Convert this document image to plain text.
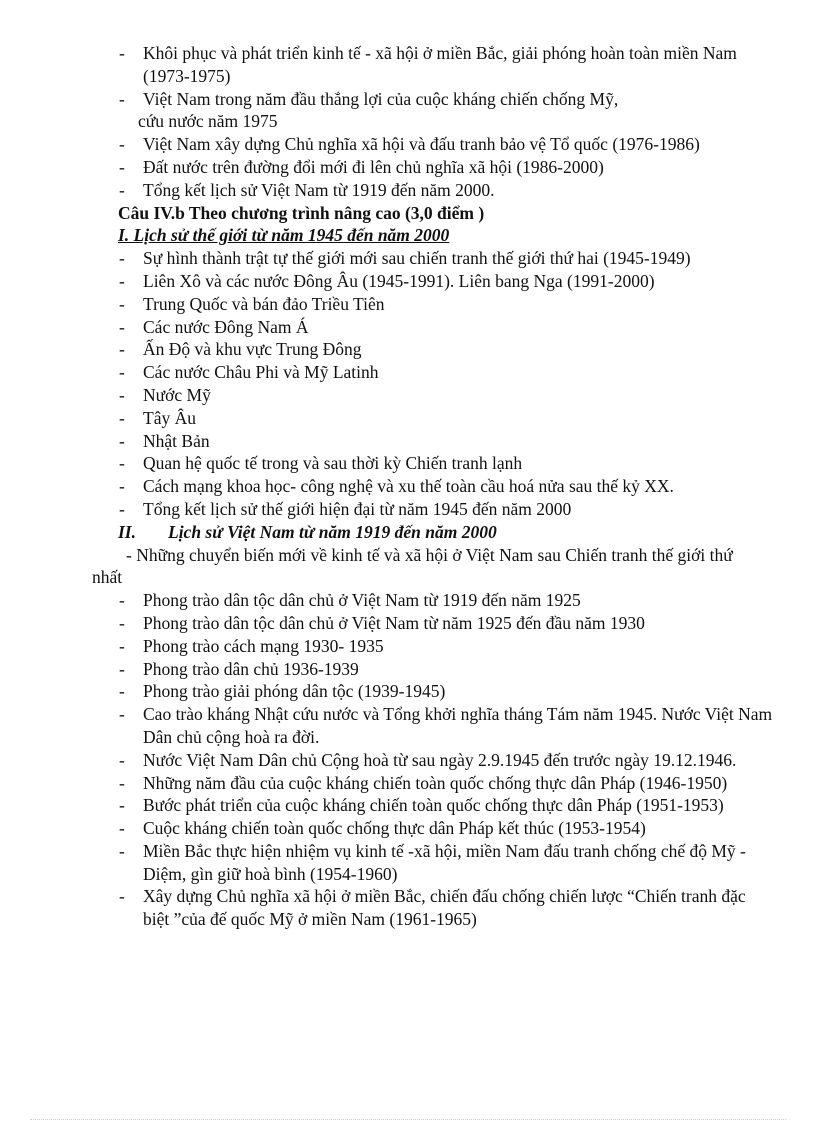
- Khôi phục và phát triển kinh tế - xã hội ở miền Bắc, giải phóng hoàn toàn miền Nam (1973-1975)
- Việt Nam trong năm đầu thắng lợi của cuộc kháng chiến chống Mỹ,
cứu nước năm 1975
- Việt Nam xây dựng Chủ nghĩa xã hội và đấu tranh bảo vệ Tổ quốc (1976-1986)
- Đất nước trên đường đổi mới đi lên chủ nghĩa xã hội (1986-2000)
- Tổng kết lịch sử Việt Nam từ 1919 đến năm 2000.
Câu IV.b Theo chương trình nâng cao (3,0 điểm )
I. Lịch sử thế giới từ năm 1945 đến năm 2000
- Sự hình thành trật tự thế giới mới sau chiến tranh thế giới thứ hai (1945-1949)
- Liên Xô và các nước Đông Âu (1945-1991). Liên bang Nga (1991-2000)
- Trung Quốc và bán đảo Triều Tiên
- Các nước Đông Nam Á
- Ấn Độ và khu vực Trung Đông
- Các nước Châu Phi và Mỹ Latinh
- Nước Mỹ
- Tây Âu
- Nhật Bản
- Quan hệ quốc tế trong và sau thời kỳ Chiến tranh lạnh
- Cách mạng khoa học- công nghệ và xu thế toàn cầu hoá nửa sau thế kỷ XX.
- Tổng kết lịch sử thế giới hiện đại từ năm 1945 đến năm 2000
II. Lịch sử Việt Nam từ năm 1919 đến năm 2000
- Những chuyển biến mới về kinh tế và xã hội ở Việt Nam sau Chiến tranh thế giới thứ nhất
- Phong trào dân tộc dân chủ ở Việt Nam từ 1919 đến năm 1925
- Phong trào dân tộc dân chủ ở Việt Nam từ năm 1925 đến đầu năm 1930
- Phong trào cách mạng 1930- 1935
- Phong trào dân chủ 1936-1939
- Phong trào giải phóng dân tộc (1939-1945)
- Cao trào kháng Nhật cứu nước và Tổng khởi nghĩa tháng Tám năm 1945. Nước Việt Nam Dân chủ cộng hoà ra đời.
- Nước Việt Nam Dân chủ Cộng hoà từ sau ngày 2.9.1945 đến trước ngày 19.12.1946.
- Những năm đầu của cuộc kháng chiến toàn quốc chống thực dân Pháp (1946-1950)
- Bước phát triển của cuộc kháng chiến toàn quốc chống thực dân Pháp (1951-1953)
- Cuộc kháng chiến toàn quốc chống thực dân Pháp kết thúc (1953-1954)
- Miền Bắc thực hiện nhiệm vụ kinh tế -xã hội, miền Nam đấu tranh chống chế độ Mỹ - Diệm, gìn giữ hoà bình (1954-1960)
- Xây dựng Chủ nghĩa xã hội ở miền Bắc, chiến đấu chống chiến lược “Chiến tranh đặc biệt ”của đế quốc Mỹ ở miền Nam (1961-1965)
